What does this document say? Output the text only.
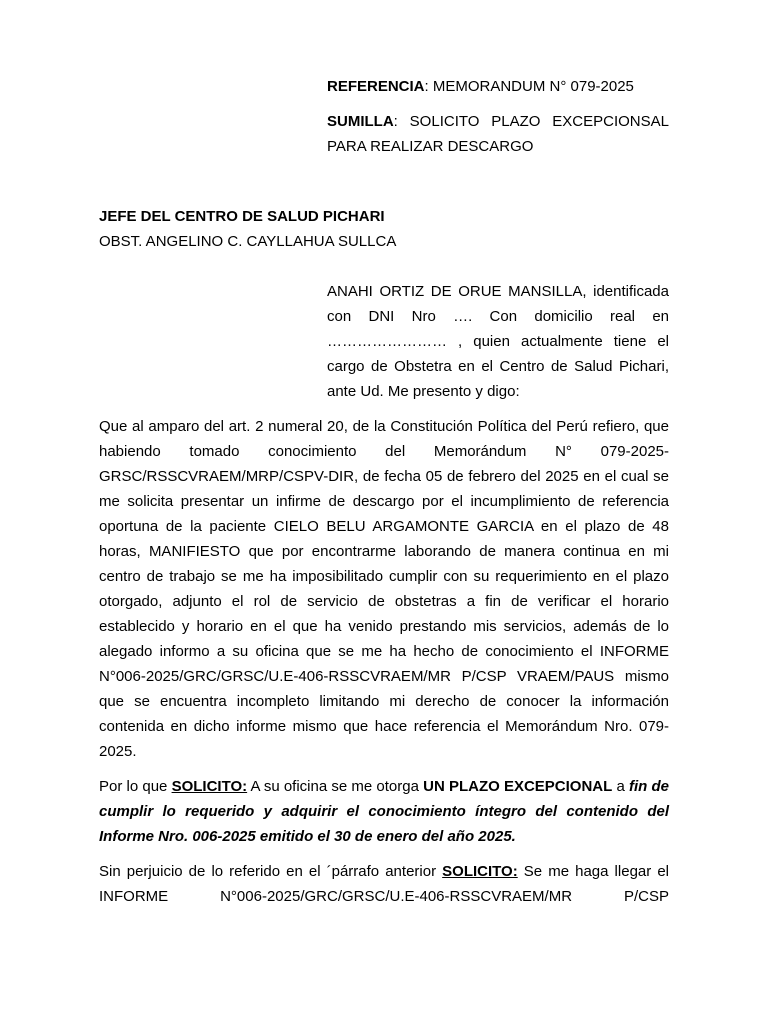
REFERENCIA: MEMORANDUM N° 079-2025

SUMILLA: SOLICITO PLAZO EXCEPCIONSAL PARA REALIZAR DESCARGO

JEFE DEL CENTRO DE SALUD PICHARI

OBST. ANGELINO C. CAYLLAHUA SULLCA

ANAHI ORTIZ DE ORUE MANSILLA, identificada con DNI Nro …. Con domicilio real en …………………… , quien actualmente tiene el cargo de Obstetra en el Centro de Salud Pichari, ante Ud. Me presento y digo:

Que al amparo del art. 2 numeral 20, de la Constitución Política del Perú refiero, que habiendo tomado conocimiento del Memorándum N° 079-2025-GRSC/RSSCVRAEM/MRP/CSPV-DIR, de fecha 05 de febrero del 2025 en el cual se me solicita presentar un infirme de descargo por el incumplimiento de referencia oportuna de la paciente CIELO BELU ARGAMONTE GARCIA en el plazo de 48 horas, MANIFIESTO que por encontrarme laborando de manera continua en mi centro de trabajo se me ha imposibilitado cumplir con su requerimiento en el plazo otorgado, adjunto el rol de servicio de obstetras a fin de verificar el horario establecido y horario en el que ha venido prestando mis servicios, además de lo alegado informo a su oficina que se me ha hecho de conocimiento el INFORME N°006-2025/GRC/GRSC/U.E-406-RSSCVRAEM/MR P/CSP VRAEM/PAUS mismo que se encuentra incompleto limitando mi derecho de conocer la información contenida en dicho informe mismo que hace referencia el Memorándum Nro. 079-2025.

Por lo que SOLICITO: A su oficina se me otorga UN PLAZO EXCEPCIONAL a fin de cumplir lo requerido y adquirir el conocimiento íntegro del contenido del Informe Nro. 006-2025 emitido el 30 de enero del año 2025.

Sin perjuicio de lo referido en el ´párrafo anterior SOLICITO: Se me haga llegar el INFORME N°006-2025/GRC/GRSC/U.E-406-RSSCVRAEM/MR P/CSP
